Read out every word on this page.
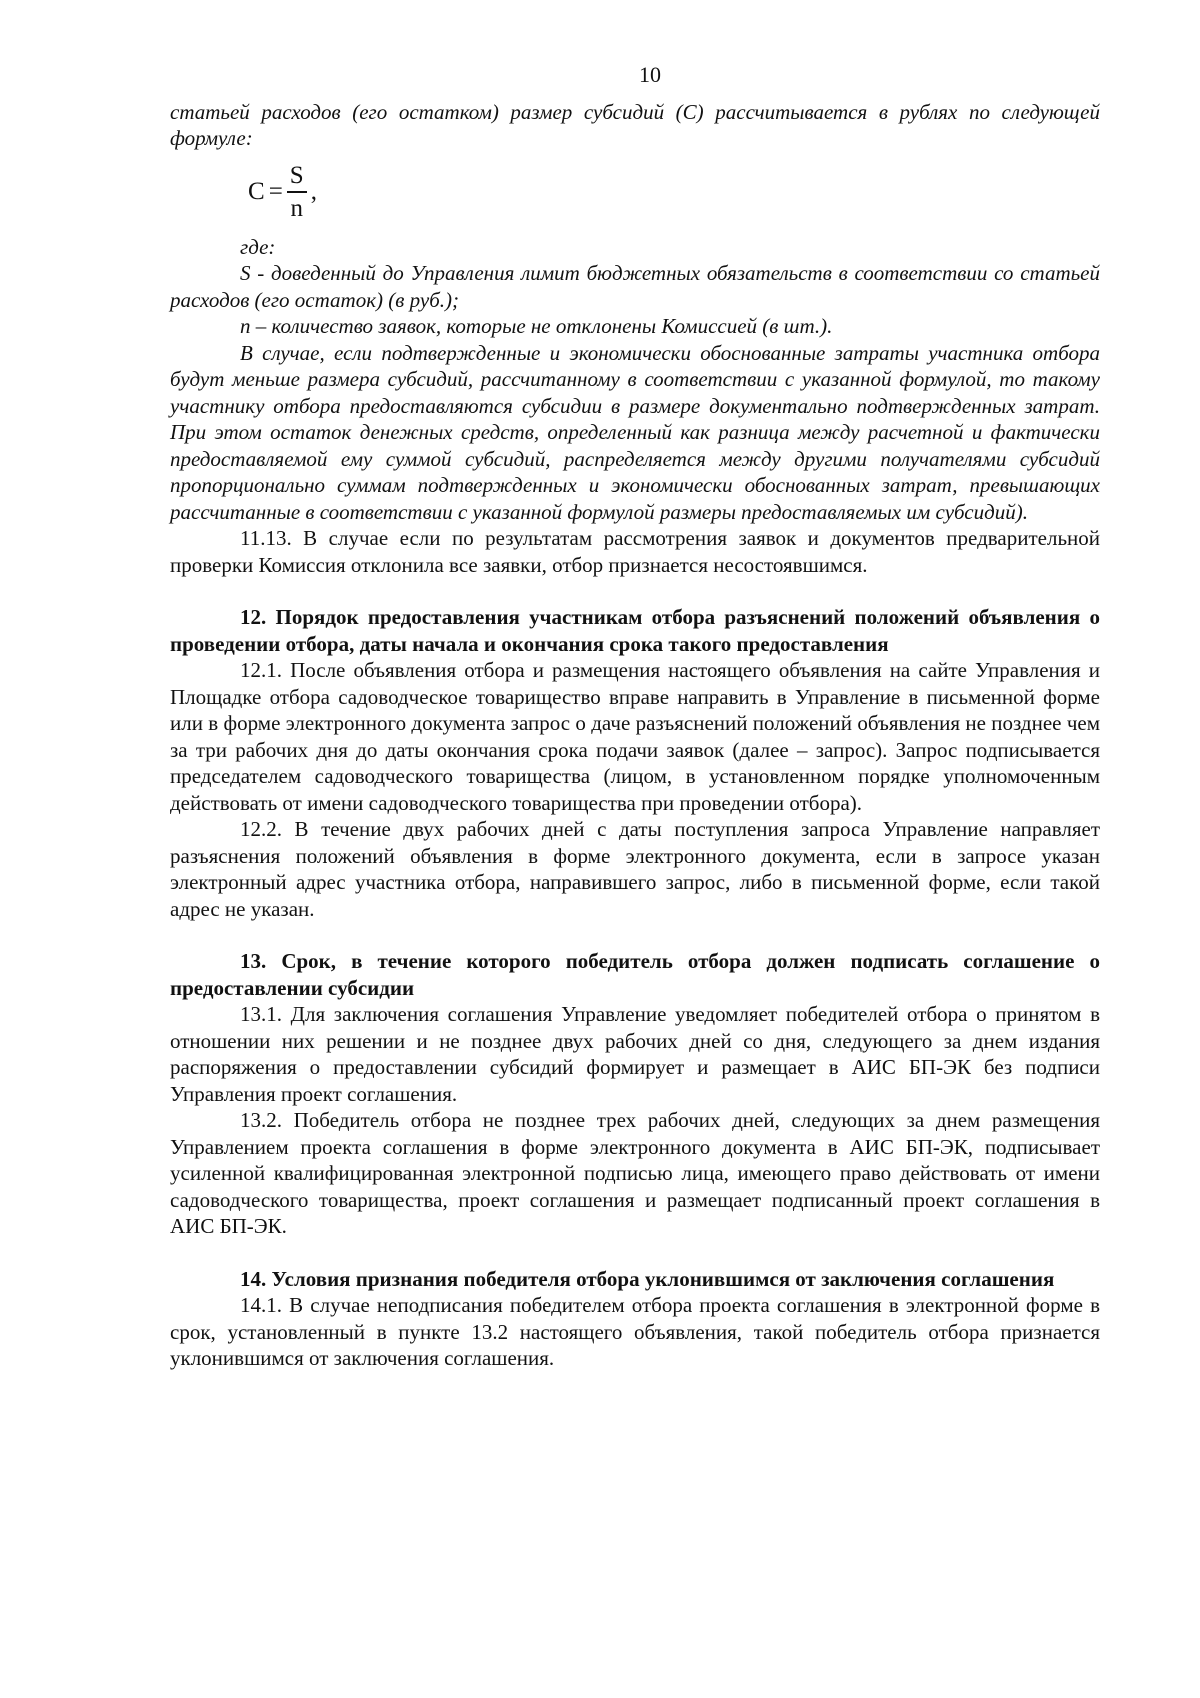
10

статьей расходов (его остатком) размер субсидий (С) рассчитывается в рублях по следующей формуле:

$С = \frac{S}{n}$ ,

где:

S - доведенный до Управления лимит бюджетных обязательств в соответствии со статьей расходов (его остаток) (в руб.);

n – количество заявок, которые не отклонены Комиссией (в шт.).

В случае, если подтвержденные и экономически обоснованные затраты участника отбора будут меньше размера субсидий, рассчитанному в соответствии с указанной формулой, то такому участнику отбора предоставляются субсидии в размере документально подтвержденных затрат. При этом остаток денежных средств, определенный как разница между расчетной и фактически предоставляемой ему суммой субсидий, распределяется между другими получателями субсидий пропорционально суммам подтвержденных и экономически обоснованных затрат, превышающих рассчитанные в соответствии с указанной формулой размеры предоставляемых им субсидий).

11.13. В случае если по результатам рассмотрения заявок и документов предварительной проверки Комиссия отклонила все заявки, отбор признается несостоявшимся.

12. Порядок предоставления участникам отбора разъяснений положений объявления о проведении отбора, даты начала и окончания срока такого предоставления

12.1. После объявления отбора и размещения настоящего объявления на сайте Управления и Площадке отбора садоводческое товарищество вправе направить в Управление в письменной форме или в форме электронного документа запрос о даче разъяснений положений объявления не позднее чем за три рабочих дня до даты окончания срока подачи заявок (далее – запрос). Запрос подписывается председателем садоводческого товарищества (лицом, в установленном порядке уполномоченным действовать от имени садоводческого товарищества при проведении отбора).

12.2. В течение двух рабочих дней с даты поступления запроса Управление направляет разъяснения положений объявления в форме электронного документа, если в запросе указан электронный адрес участника отбора, направившего запрос, либо в письменной форме, если такой адрес не указан.

13. Срок, в течение которого победитель отбора должен подписать соглашение о предоставлении субсидии

13.1. Для заключения соглашения Управление уведомляет победителей отбора о принятом в отношении них решении и не позднее двух рабочих дней со дня, следующего за днем издания распоряжения о предоставлении субсидий формирует и размещает в АИС БП-ЭК без подписи Управления проект соглашения.

13.2. Победитель отбора не позднее трех рабочих дней, следующих за днем размещения Управлением проекта соглашения в форме электронного документа в АИС БП-ЭК, подписывает усиленной квалифицированная электронной подписью лица, имеющего право действовать от имени садоводческого товарищества, проект соглашения и размещает подписанный проект соглашения в АИС БП-ЭК.

14. Условия признания победителя отбора уклонившимся от заключения соглашения

14.1. В случае неподписания победителем отбора проекта соглашения в электронной форме в срок, установленный в пункте 13.2 настоящего объявления, такой победитель отбора признается уклонившимся от заключения соглашения.
